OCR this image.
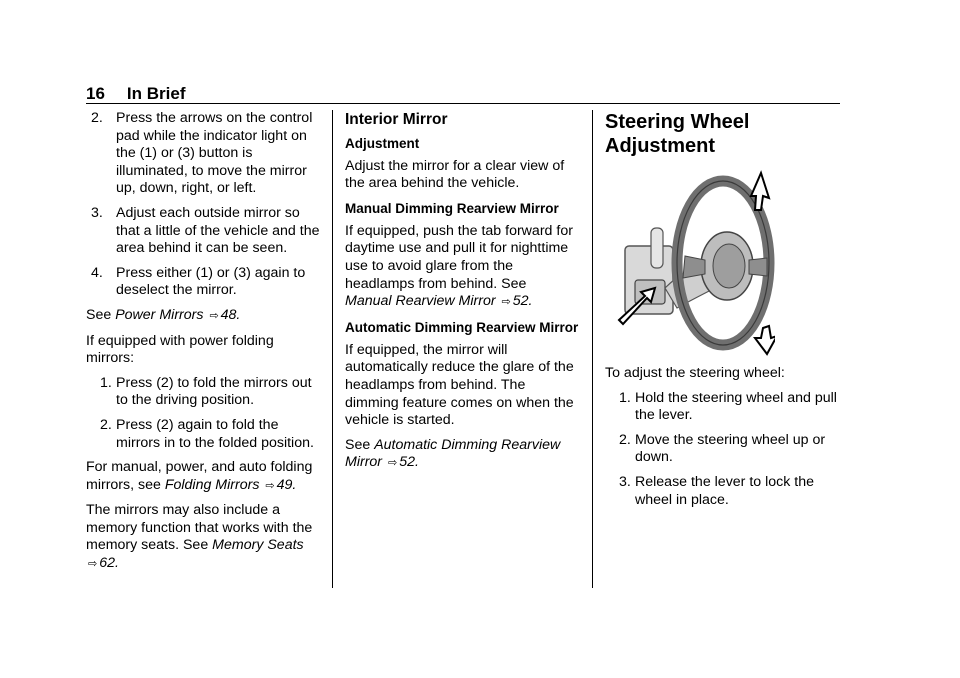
16 In Brief
2. Press the arrows on the control pad while the indicator light on the (1) or (3) button is illuminated, to move the mirror up, down, right, or left.
3. Adjust each outside mirror so that a little of the vehicle and the area behind it can be seen.
4. Press either (1) or (3) again to deselect the mirror.

See Power Mirrors ⇨ 48.

If equipped with power folding mirrors:

1. Press (2) to fold the mirrors out to the driving position.
2. Press (2) again to fold the mirrors in to the folded position.

For manual, power, and auto folding mirrors, see Folding Mirrors ⇨ 49.

The mirrors may also include a memory function that works with the memory seats. See Memory Seats
⇨ 62.

Interior Mirror
Adjustment

Adjust the mirror for a clear view of the area behind the vehicle.

Manual Dimming Rearview Mirror

If equipped, push the tab forward for daytime use and pull it for nighttime use to avoid glare from the headlamps from behind. See
Manual Rearview Mirror ⇨ 52.

Automatic Dimming Rearview Mirror

If equipped, the mirror will automatically reduce the glare of the headlamps from behind. The dimming feature comes on when the vehicle is started.

See Automatic Dimming Rearview Mirror ⇨ 52.

Steering Wheel Adjustment

To adjust the steering wheel:

1. Hold the steering wheel and pull the lever.
2. Move the steering wheel up or down.
3. Release the lever to lock the wheel in place.
